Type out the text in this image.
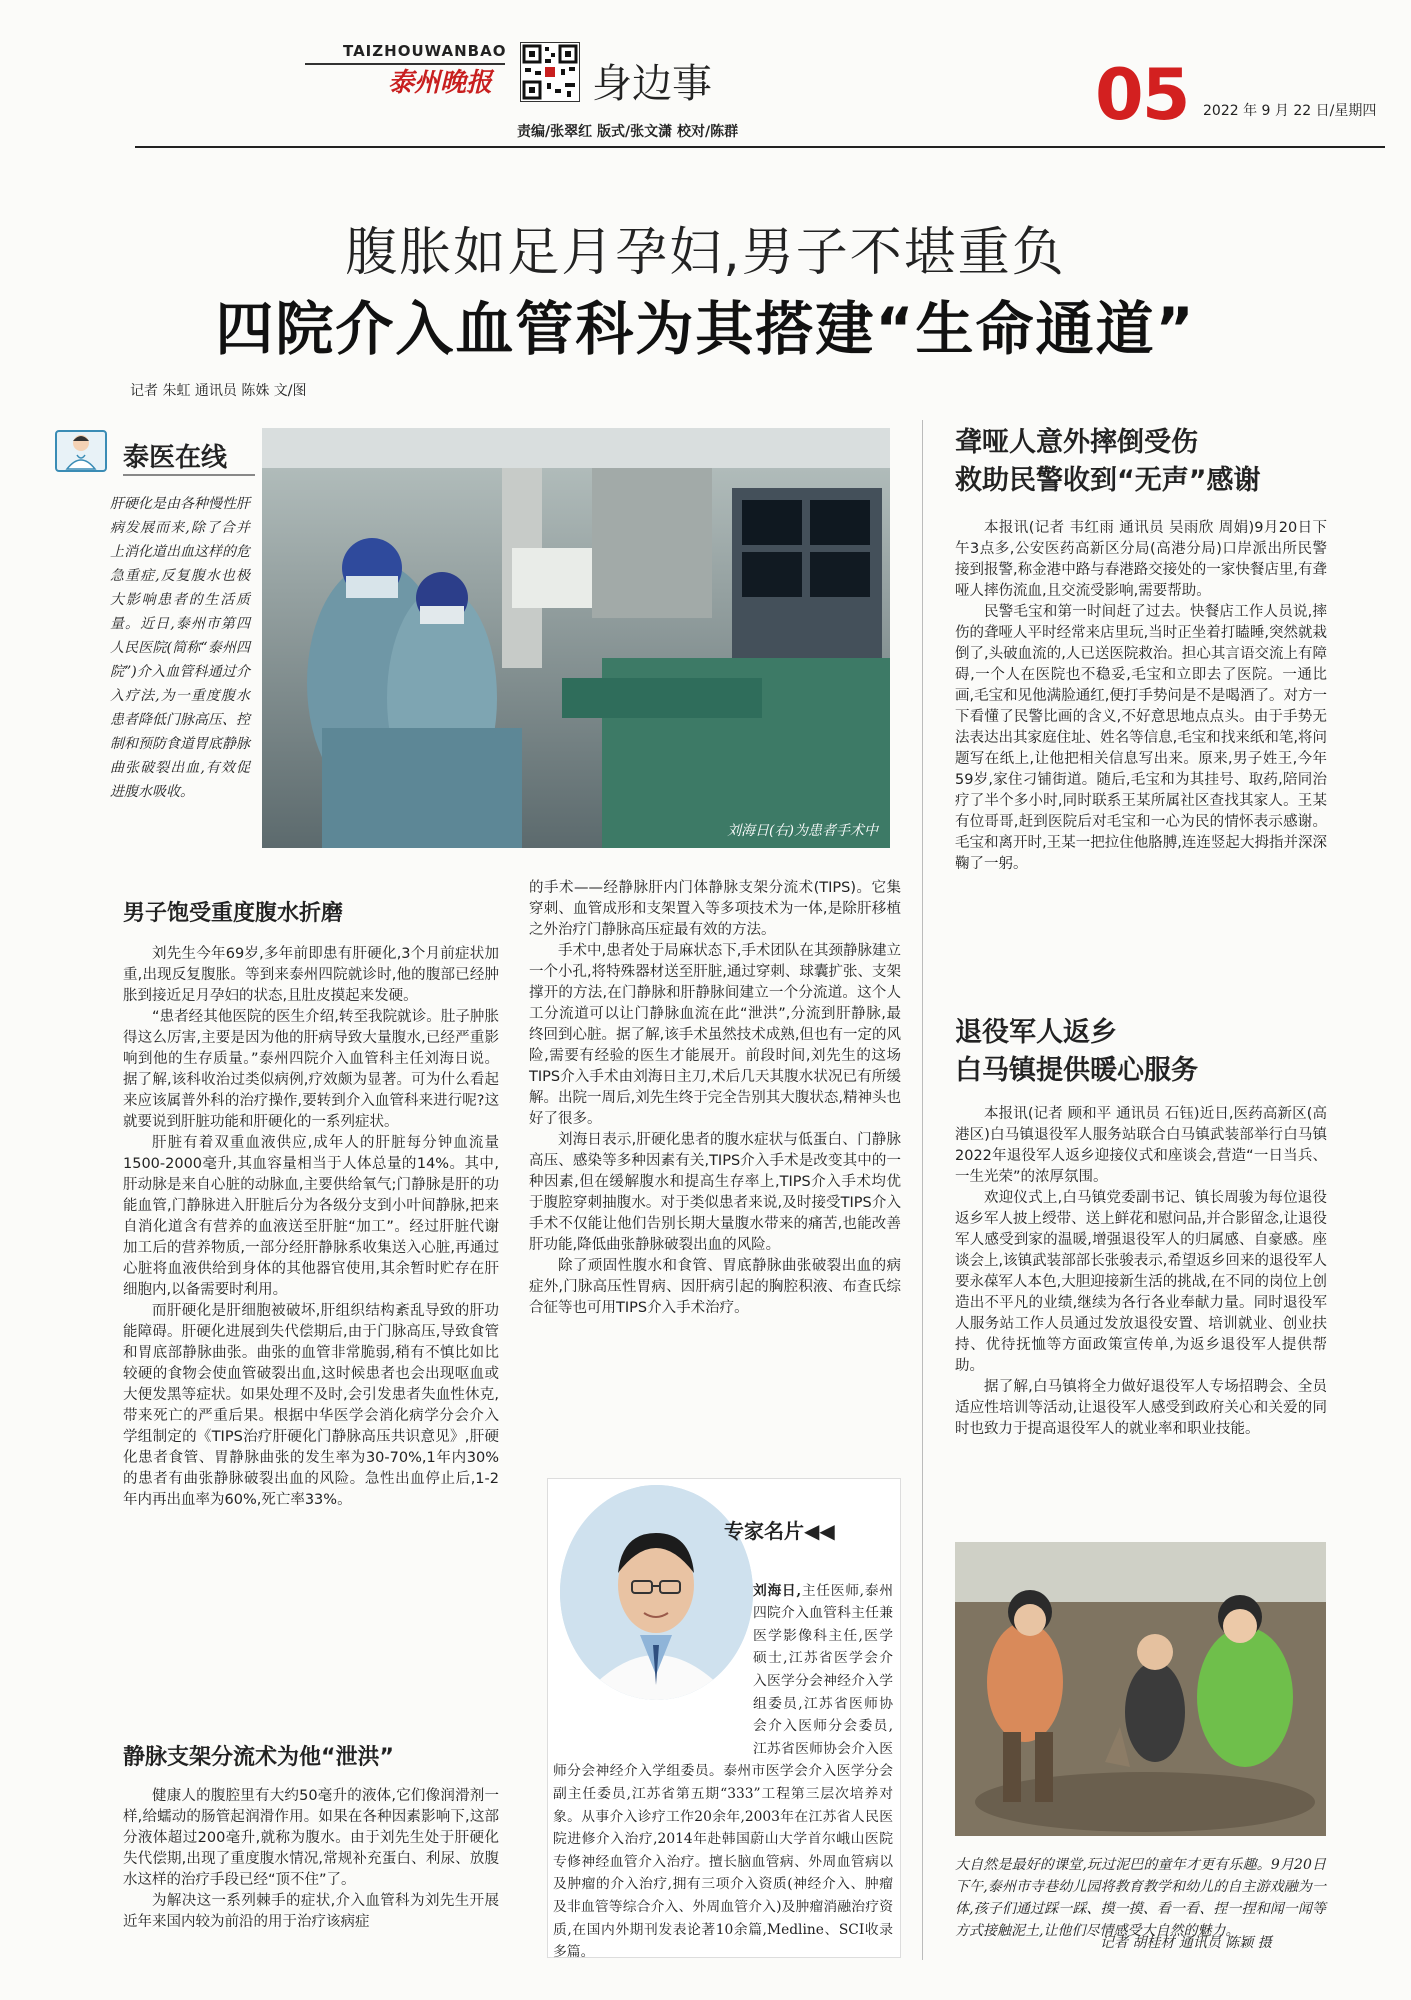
TAIZHOUWANBAO
泰州晚报 身边事	05 2022 年 9 月 22 日/星期四
责编/张翠红 版式/张文潇 校对/陈群
腹胀如足月孕妇,男子不堪重负
四院介入血管科为其搭建“生命通道”
记者 朱虹 通讯员 陈姝 文/图
泰医在线
肝硬化是由各种慢性肝病发展而来,除了合并上消化道出血这样的危急重症,反复腹水也极大影响患者的生活质量。近日,泰州市第四人民医院(简称“泰州四院”)介入血管科通过介入疗法,为一重度腹水患者降低门脉高压、控制和预防食道胃底静脉曲张破裂出血,有效促进腹水吸收。
刘海日(右)为患者手术中
男子饱受重度腹水折磨

刘先生今年69岁,多年前即患有肝硬化,3个月前症状加重,出现反复腹胀。等到来泰州四院就诊时,他的腹部已经肿胀到接近足月孕妇的状态,且肚皮摸起来发硬。

“患者经其他医院的医生介绍,转至我院就诊。肚子肿胀得这么厉害,主要是因为他的肝病导致大量腹水,已经严重影响到他的生存质量。”泰州四院介入血管科主任刘海日说。据了解,该科收治过类似病例,疗效颇为显著。可为什么看起来应该属普外科的治疗操作,要转到介入血管科来进行呢?这就要说到肝脏功能和肝硬化的一系列症状。

肝脏有着双重血液供应,成年人的肝脏每分钟血流量1500-2000毫升,其血容量相当于人体总量的14%。其中,肝动脉是来自心脏的动脉血,主要供给氧气;门静脉是肝的功能血管,门静脉进入肝脏后分为各级分支到小叶间静脉,把来自消化道含有营养的血液送至肝脏“加工”。经过肝脏代谢加工后的营养物质,一部分经肝静脉系收集送入心脏,再通过心脏将血液供给到身体的其他器官使用,其余暂时贮存在肝细胞内,以备需要时利用。

而肝硬化是肝细胞被破坏,肝组织结构紊乱导致的肝功能障碍。肝硬化进展到失代偿期后,由于门脉高压,导致食管和胃底部静脉曲张。曲张的血管非常脆弱,稍有不慎比如比较硬的食物会使血管破裂出血,这时候患者也会出现呕血或大便发黑等症状。如果处理不及时,会引发患者失血性休克,带来死亡的严重后果。根据中华医学会消化病学分会介入学组制定的《TIPS治疗肝硬化门静脉高压共识意见》,肝硬化患者食管、胃静脉曲张的发生率为30-70%,1年内30%的患者有曲张静脉破裂出血的风险。急性出血停止后,1-2年内再出血率为60%,死亡率33%。

静脉支架分流术为他“泄洪”

健康人的腹腔里有大约50毫升的液体,它们像润滑剂一样,给蠕动的肠管起润滑作用。如果在各种因素影响下,这部分液体超过200毫升,就称为腹水。由于刘先生处于肝硬化失代偿期,出现了重度腹水情况,常规补充蛋白、利尿、放腹水这样的治疗手段已经“顶不住”了。

为解决这一系列棘手的症状,介入血管科为刘先生开展近年来国内较为前沿的用于治疗该病症

的手术——经静脉肝内门体静脉支架分流术(TIPS)。它集穿刺、血管成形和支架置入等多项技术为一体,是除肝移植之外治疗门静脉高压症最有效的方法。

手术中,患者处于局麻状态下,手术团队在其颈静脉建立一个小孔,将特殊器材送至肝脏,通过穿刺、球囊扩张、支架撑开的方法,在门静脉和肝静脉间建立一个分流道。这个人工分流道可以让门静脉血流在此“泄洪”,分流到肝静脉,最终回到心脏。据了解,该手术虽然技术成熟,但也有一定的风险,需要有经验的医生才能展开。前段时间,刘先生的这场TIPS介入手术由刘海日主刀,术后几天其腹水状况已有所缓解。出院一周后,刘先生终于完全告别其大腹状态,精神头也好了很多。

刘海日表示,肝硬化患者的腹水症状与低蛋白、门静脉高压、感染等多种因素有关,TIPS介入手术是改变其中的一种因素,但在缓解腹水和提高生存率上,TIPS介入手术均优于腹腔穿刺抽腹水。对于类似患者来说,及时接受TIPS介入手术不仅能让他们告别长期大量腹水带来的痛苦,也能改善肝功能,降低曲张静脉破裂出血的风险。

除了顽固性腹水和食管、胃底静脉曲张破裂出血的病症外,门脉高压性胃病、因肝病引起的胸腔积液、布查氏综合征等也可用TIPS介入手术治疗。

专家名片◀◀

刘海日,主任医师,泰州四院介入血管科主任兼医学影像科主任,医学硕士,江苏省医学会介入医学分会神经介入学组委员,江苏省医师协会介入医师分会委员,江苏省医师协会介入医师分会神经介入学组委员。泰州市医学会介入医学分会副主任委员,江苏省第五期“333”工程第三层次培养对象。从事介入诊疗工作20余年,2003年在江苏省人民医院进修介入治疗,2014年赴韩国蔚山大学首尔峨山医院专修神经血管介入治疗。擅长脑血管病、外周血管病以及肿瘤的介入治疗,拥有三项介入资质(神经介入、肿瘤及非血管等综合介入、外周血管介入)及肿瘤消融治疗资质,在国内外期刊发表论著10余篇,Medline、SCI收录多篇。
聋哑人意外摔倒受伤
救助民警收到“无声”感谢

本报讯(记者 韦红雨 通讯员 吴雨欣 周娟)9月20日下午3点多,公安医药高新区分局(高港分局)口岸派出所民警接到报警,称金港中路与春港路交接处的一家快餐店里,有聋哑人摔伤流血,且交流受影响,需要帮助。

民警毛宝和第一时间赶了过去。快餐店工作人员说,摔伤的聋哑人平时经常来店里玩,当时正坐着打瞌睡,突然就栽倒了,头破血流的,人已送医院救治。担心其言语交流上有障碍,一个人在医院也不稳妥,毛宝和立即去了医院。一通比画,毛宝和见他满脸通红,便打手势问是不是喝酒了。对方一下看懂了民警比画的含义,不好意思地点点头。由于手势无法表达出其家庭住址、姓名等信息,毛宝和找来纸和笔,将问题写在纸上,让他把相关信息写出来。原来,男子姓王,今年59岁,家住刁铺街道。随后,毛宝和为其挂号、取药,陪同治疗了半个多小时,同时联系王某所属社区查找其家人。王某有位哥哥,赶到医院后对毛宝和一心为民的情怀表示感谢。毛宝和离开时,王某一把拉住他胳膊,连连竖起大拇指并深深鞠了一躬。

退役军人返乡
白马镇提供暖心服务

本报讯(记者 顾和平 通讯员 石钰)近日,医药高新区(高港区)白马镇退役军人服务站联合白马镇武装部举行白马镇2022年退役军人返乡迎接仪式和座谈会,营造“一日当兵、一生光荣”的浓厚氛围。

欢迎仪式上,白马镇党委副书记、镇长周骏为每位退役返乡军人披上绶带、送上鲜花和慰问品,并合影留念,让退役军人感受到家的温暖,增强退役军人的归属感、自豪感。座谈会上,该镇武装部部长张骏表示,希望返乡回来的退役军人要永葆军人本色,大胆迎接新生活的挑战,在不同的岗位上创造出不平凡的业绩,继续为各行各业奉献力量。同时退役军人服务站工作人员通过发放退役安置、培训就业、创业扶持、优待抚恤等方面政策宣传单,为返乡退役军人提供帮助。

据了解,白马镇将全力做好退役军人专场招聘会、全员适应性培训等活动,让退役军人感受到政府关心和关爱的同时也致力于提高退役军人的就业率和职业技能。

大自然是最好的课堂,玩过泥巴的童年才更有乐趣。9月20日下午,泰州市寺巷幼儿园将教育教学和幼儿的自主游戏融为一体,孩子们通过踩一踩、摸一摸、看一看、捏一捏和闻一闻等方式接触泥土,让他们尽情感受大自然的魅力。
记者 胡桂材 通讯员 陈颖 摄
